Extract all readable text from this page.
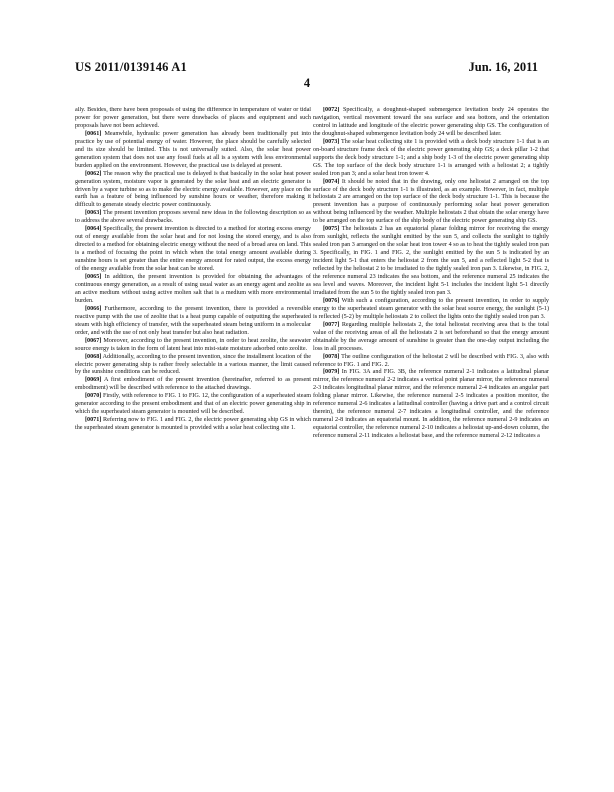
US 2011/0139146 A1	Jun. 16, 2011
4

ally. Besides, there have been proposals of using the difference in temperature of water or tidal power for power generation, but there were drawbacks of places and equipment and such proposals have not been achieved.

[0061] Meanwhile, hydraulic power generation has already been traditionally put into practice by use of potential energy of water. However, the place should be carefully selected and its size should be limited. This is not universally suited. Also, the solar heat power generation system that does not use any fossil fuels at all is a system with less environmental burden applied on the environment. However, the practical use is delayed at present.

[0062] The reason why the practical use is delayed is that basically in the solar heat power generation system, moisture vapor is generated by the solar heat and an electric generator is driven by a vapor turbine so as to make the electric energy available. However, any place on the earth has a feature of being influenced by sunshine hours or weather, therefore making it difficult to generate steady electric power continuously.

[0063] The present invention proposes several new ideas in the following description so as to address the above several drawbacks.

[0064] Specifically, the present invention is directed to a method for storing excess energy out of energy available from the solar heat and for not losing the stored energy, and is also directed to a method for obtaining electric energy without the need of a broad area on land. This is a method of focusing the point in which when the total energy amount available during sunshine hours is set greater than the entire energy amount for rated output, the excess energy of the energy available from the solar heat can be stored.

[0065] In addition, the present invention is provided for obtaining the advantages of continuous energy generation, as a result of using usual water as an energy agent and zeolite as an active medium without using active molten salt that is a medium with more environmental burden.

[0066] Furthermore, according to the present invention, there is provided a reversible reactive pump with the use of zeolite that is a heat pump capable of outputting the superheated steam with high efficiency of transfer, with the superheated steam being uniform in a molecular order, and with the use of not only heat transfer but also heat radiation.

[0067] Moreover, according to the present invention, in order to heat zeolite, the seawater source energy is taken in the form of latent heat into mist-state moisture adsorbed onto zeolite.

[0068] Additionally, according to the present invention, since the installment location of the electric power generating ship is rather freely selectable in a various manner, the limit caused by the sunshine conditions can be reduced.

[0069] A first embodiment of the present invention (hereinafter, referred to as present embodiment) will be described with reference to the attached drawings.

[0070] Firstly, with reference to FIG. 1 to FIG. 12, the configuration of a superheated steam generator according to the present embodiment and that of an electric power generating ship in which the superheated steam generator is mounted will be described.

[0071] Referring now to FIG. 1 and FIG. 2, the electric power generating ship GS in which the superheated steam generator is mounted is provided with a solar heat collecting site 1.

[0072] Specifically, a doughnut-shaped submergence levitation body 24 operates the navigation, vertical movement toward the sea surface and sea bottom, and the orientation control in latitude and longitude of the electric power generating ship GS. The configuration of the doughnut-shaped submergence levitation body 24 will be described later.

[0073] The solar heat collecting site 1 is provided with a deck body structure 1-1 that is an on-board structure frame deck of the electric power generating ship GS; a deck pillar 1-2 that supports the deck body structure 1-1; and a ship body 1-3 of the electric power generating ship GS. The top surface of the deck body structure 1-1 is arranged with a heliostat 2; a tightly sealed iron pan 3; and a solar heat iron tower 4.

[0074] It should be noted that in the drawing, only one heliostat 2 arranged on the top surface of the deck body structure 1-1 is illustrated, as an example. However, in fact, multiple heliostats 2 are arranged on the top surface of the deck body structure 1-1. This is because the present invention has a purpose of continuously performing solar heat power generation without being influenced by the weather. Multiple heliostats 2 that obtain the solar energy have to be arranged on the top surface of the ship body of the electric power generating ship GS.

[0075] The heliostats 2 has an equatorial planar folding mirror for receiving the energy from sunlight, reflects the sunlight emitted by the sun 5, and collects the sunlight to tightly sealed iron pan 3 arranged on the solar heat iron tower 4 so as to heat the tightly sealed iron pan 3. Specifically, in FIG. 1 and FIG. 2, the sunlight emitted by the sun 5 is indicated by an incident light 5-1 that enters the heliostat 2 from the sun 5, and a reflected light 5-2 that is reflected by the heliostat 2 to be irradiated to the tightly sealed iron pan 3. Likewise, in FIG. 2, the reference numeral 23 indicates the sea bottom, and the reference numeral 25 indicates the sea level and waves. Moreover, the incident light 5-1 includes the incident light 5-1 directly irradiated from the sun 5 to the tightly sealed iron pan 3.

[0076] With such a configuration, according to the present invention, in order to supply energy to the superheated steam generator with the solar heat source energy, the sunlight (5-1) is reflected (5-2) by multiple heliostats 2 to collect the lights onto the tightly sealed iron pan 3.

[0077] Regarding multiple heliostats 2, the total heliostat receiving area that is the total value of the receiving areas of all the heliostats 2 is set beforehand so that the energy amount obtainable by the average amount of sunshine is greater than the one-day output including the loss in all processes.

[0078] The outline configuration of the heliostat 2 will be described with FIG. 3, also with reference to FIG. 1 and FIG. 2.

[0079] In FIG. 3A and FIG. 3B, the reference numeral 2-1 indicates a latitudinal planar mirror, the reference numeral 2-2 indicates a vertical point planar mirror, the reference numeral 2-3 indicates longitudinal planar mirror, and the reference numeral 2-4 indicates an angular part folding planar mirror. Likewise, the reference numeral 2-5 indicates a position monitor, the reference numeral 2-6 indicates a latitudinal controller (having a drive part and a control circuit therein), the reference numeral 2-7 indicates a longitudinal controller, and the reference numeral 2-8 indicates an equatorial mount. In addition, the reference numeral 2-9 indicates an equatorial controller, the reference numeral 2-10 indicates a heliostat up-and-down column, the reference numeral 2-11 indicates a heliostat base, and the reference numeral 2-12 indicates a
